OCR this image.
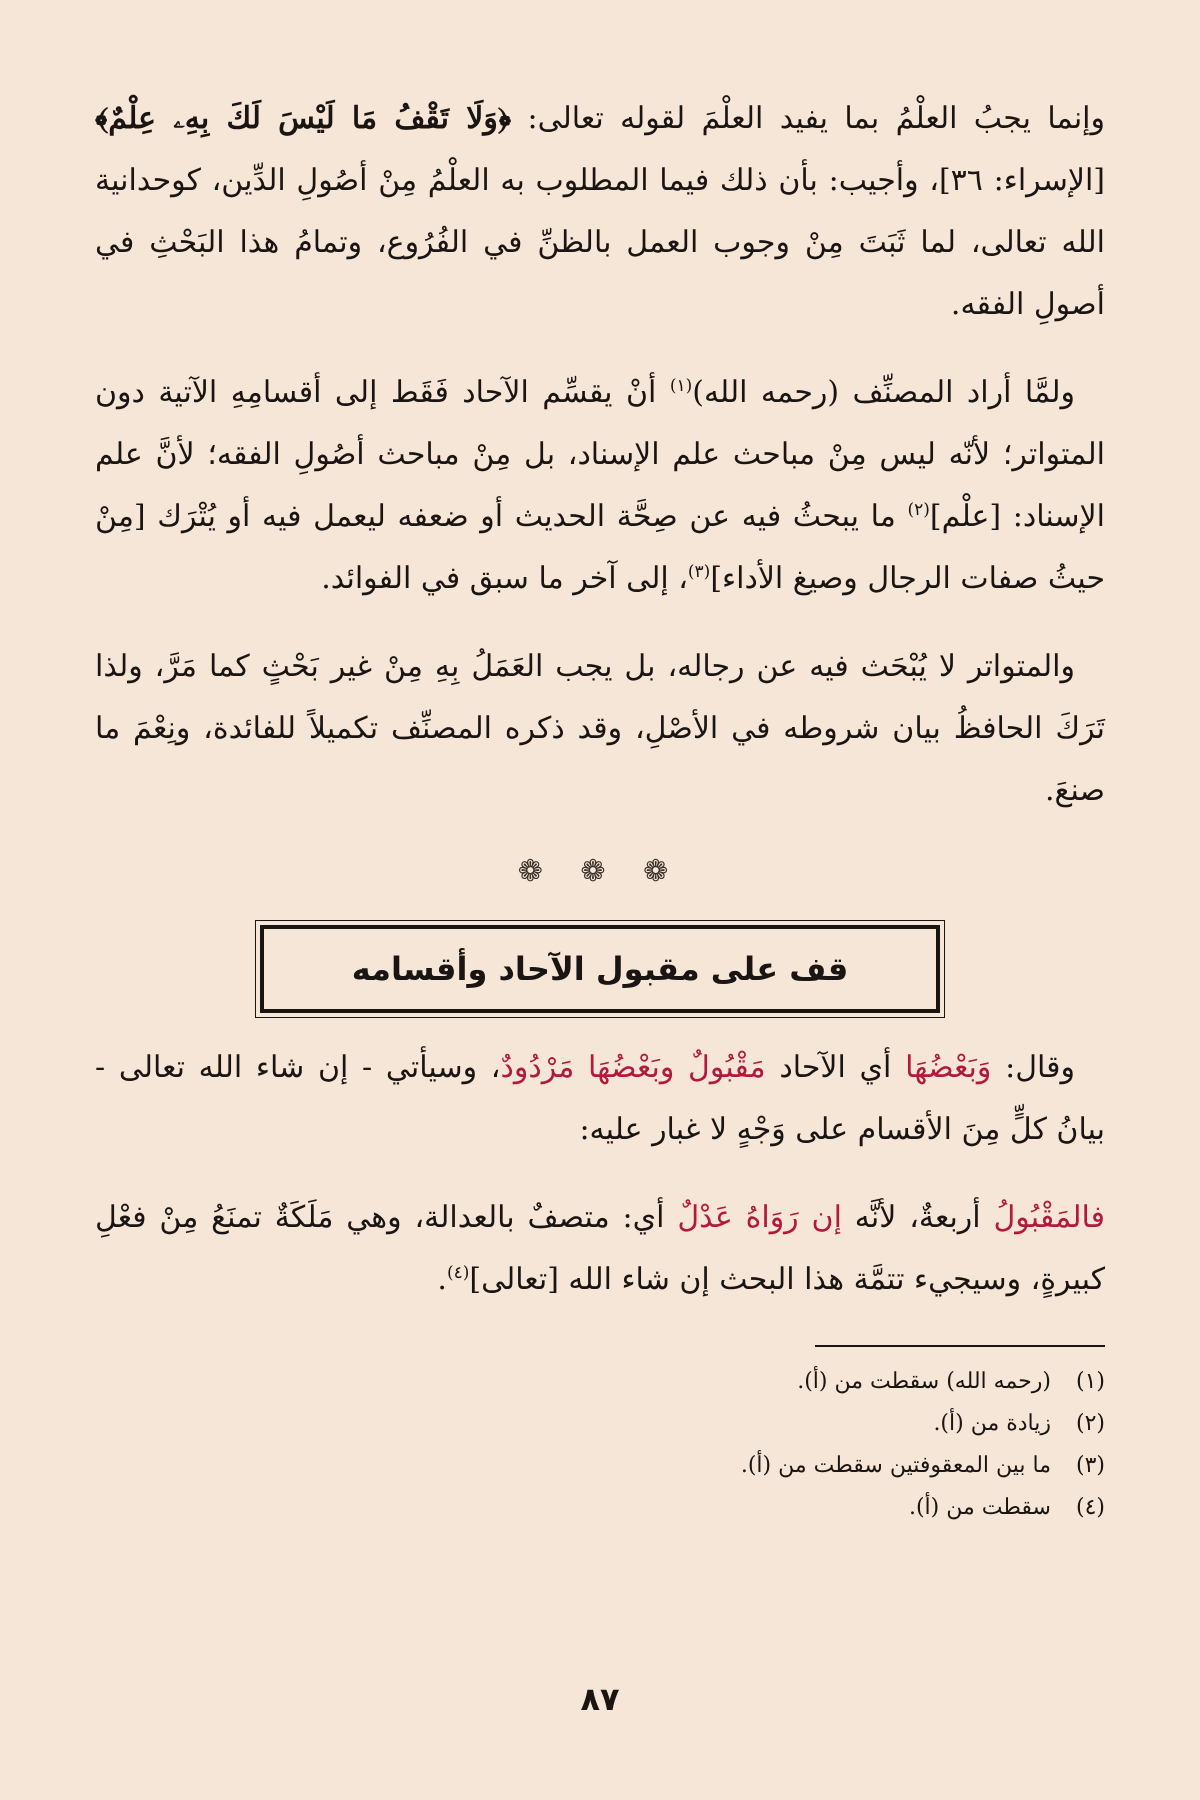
وإنما يجبُ العلْمُ بما يفيد العلْمَ لقوله تعالى: ﴿وَلَا تَقْفُ مَا لَيْسَ لَكَ بِهِۦ عِلْمٌ﴾ [الإسراء: ٣٦]، وأجيب: بأن ذلك فيما المطلوب به العلْمُ مِنْ أصُولِ الدِّين، كوحدانية الله تعالى، لما ثَبَتَ مِنْ وجوب العمل بالظنِّ في الفُرُوع، وتمامُ هذا البَحْثِ في أصولِ الفقه.

ولمَّا أراد المصنِّف (رحمه الله)$^{(١)}$ أنْ يقسِّم الآحاد فَقَط إلى أقسامِهِ الآتية دون المتواتر؛ لأنّه ليس مِنْ مباحث علم الإسناد، بل مِنْ مباحث أصُولِ الفقه؛ لأنَّ علم الإسناد: [علْم]$^{(٢)}$ ما يبحثُ فيه عن صِحَّة الحديث أو ضعفه ليعمل فيه أو يُتْرَك [مِنْ حيثُ صفات الرجال وصيغ الأداء]$^{(٣)}$، إلى آخر ما سبق في الفوائد.

والمتواتر لا يُبْحَث فيه عن رجاله، بل يجب العَمَلُ بِهِ مِنْ غير بَحْثٍ كما مَرَّ، ولذا تَرَكَ الحافظُ بيان شروطه في الأصْلِ، وقد ذكره المصنِّف تكميلاً للفائدة، ونِعْمَ ما صنعَ.

❁ ❁ ❁
قف على مقبول الآحاد وأقسامه

وقال: وَبَعْضُهَا أي الآحاد مَقْبُولٌ وبَعْضُهَا مَرْدُودٌ، وسيأتي - إن شاء الله تعالى - بيانُ كلٍّ مِنَ الأقسام على وَجْهٍ لا غبار عليه:

فالمَقْبُولُ أربعةٌ، لأنَّه إن رَوَاهُ عَدْلٌ أي: متصفٌ بالعدالة، وهي مَلَكَةٌ تمنَعُ مِنْ فعْلِ كبيرةٍ، وسيجيء تتمَّة هذا البحث إن شاء الله [تعالى]$^{(٤)}$.

(١)(رحمه الله) سقطت من (أ).
(٢)زيادة من (أ).
(٣)ما بين المعقوفتين سقطت من (أ).
(٤)سقطت من (أ).
٨٧
